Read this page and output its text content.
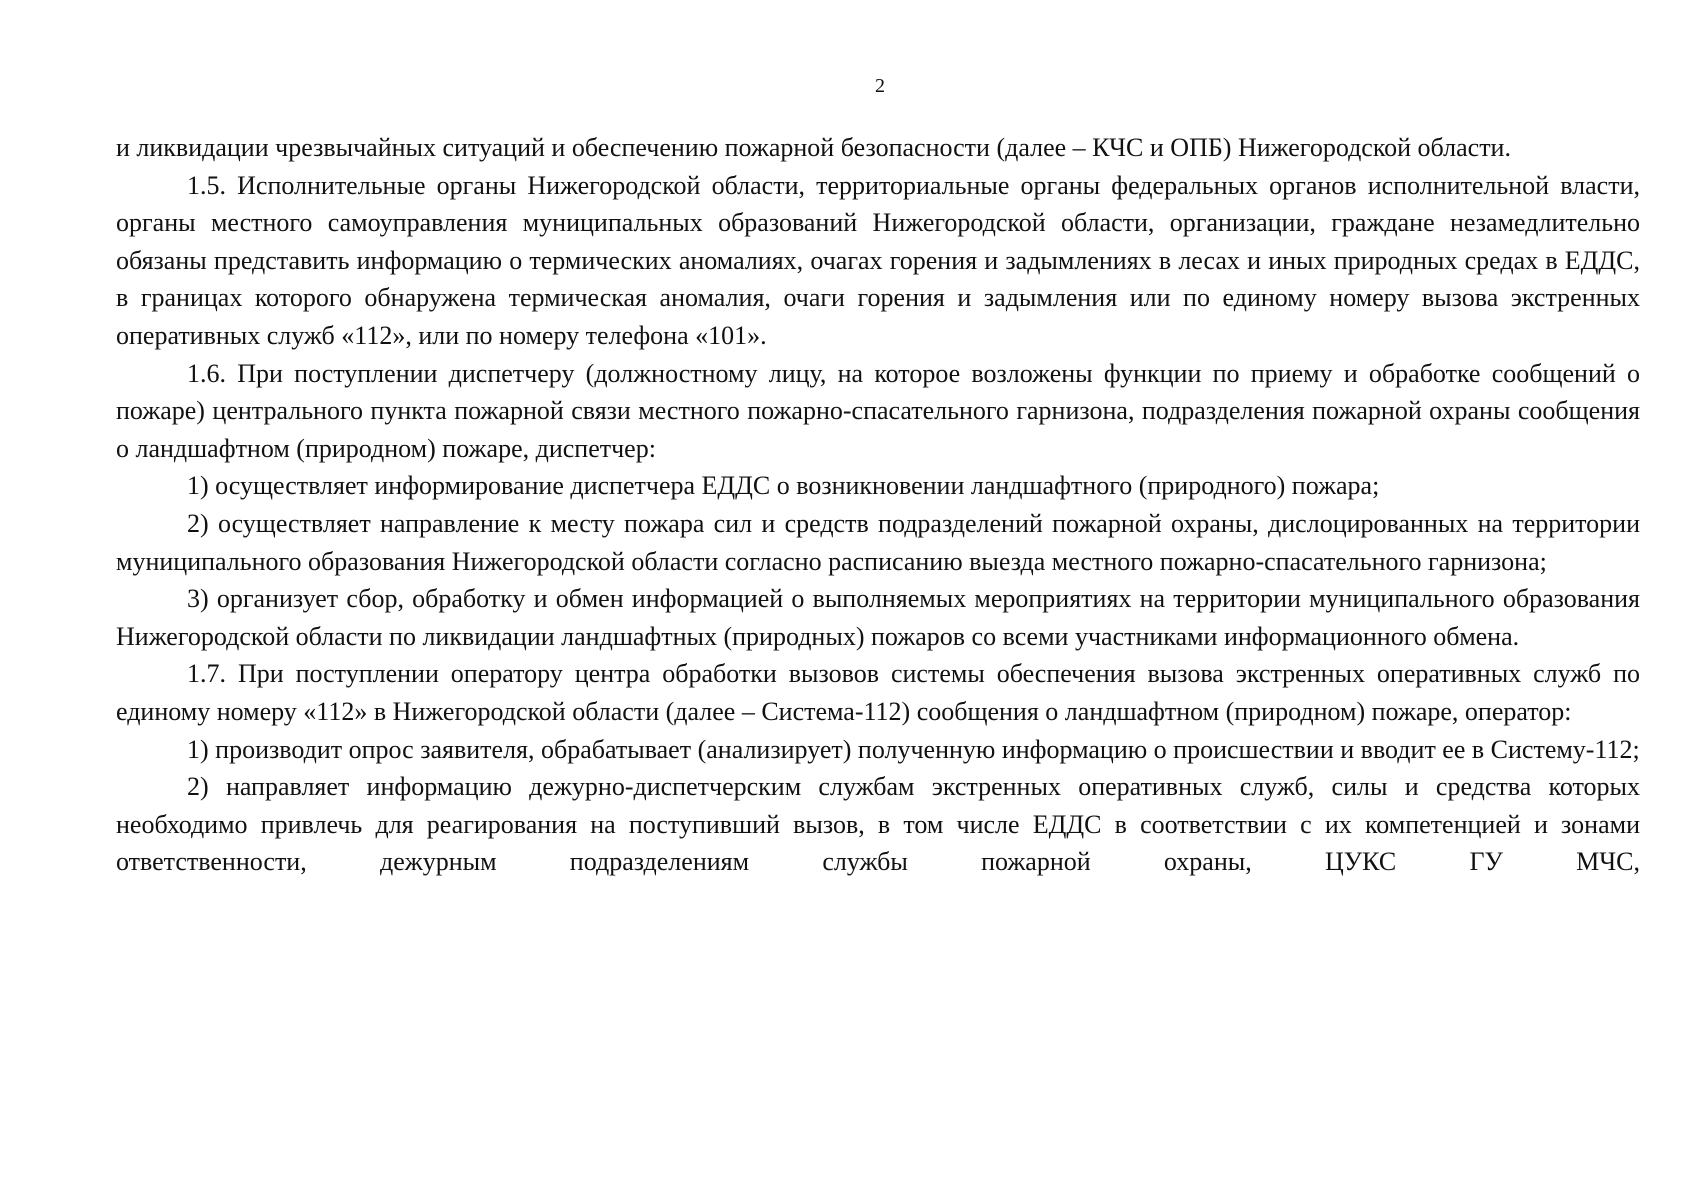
2

и ликвидации чрезвычайных ситуаций и обеспечению пожарной безопасности (далее – КЧС и ОПБ) Нижегородской области.

1.5. Исполнительные органы Нижегородской области, территориальные органы федеральных органов исполнительной власти, органы местного самоуправления муниципальных образований Нижегородской области, организации, граждане незамедлительно обязаны представить информацию о термических аномалиях, очагах горения и задымлениях в лесах и иных природных средах в ЕДДС, в границах которого обнаружена термическая аномалия, очаги горения и задымления или по единому номеру вызова экстренных оперативных служб «112», или по номеру телефона «101».

1.6. При поступлении диспетчеру (должностному лицу, на которое возложены функции по приему и обработке сообщений о пожаре) центрального пункта пожарной связи местного пожарно-спасательного гарнизона, подразделения пожарной охраны сообщения о ландшафтном (природном) пожаре, диспетчер:

1) осуществляет информирование диспетчера ЕДДС о возникновении ландшафтного (природного) пожара;

2) осуществляет направление к месту пожара сил и средств подразделений пожарной охраны, дислоцированных на территории муниципального образования Нижегородской области согласно расписанию выезда местного пожарно-спасательного гарнизона;

3) организует сбор, обработку и обмен информацией о выполняемых мероприятиях на территории муниципального образования Нижегородской области по ликвидации ландшафтных (природных) пожаров со всеми участниками информационного обмена.

1.7. При поступлении оператору центра обработки вызовов системы обеспечения вызова экстренных оперативных служб по единому номеру «112» в Нижегородской области (далее – Система-112) сообщения о ландшафтном (природном) пожаре, оператор:

1) производит опрос заявителя, обрабатывает (анализирует) полученную информацию о происшествии и вводит ее в Систему-112;

2) направляет информацию дежурно-диспетчерским службам экстренных оперативных служб, силы и средства которых необходимо привлечь для реагирования на поступивший вызов, в том числе ЕДДС в соответствии с их компетенцией и зонами ответственности, дежурным подразделениям службы пожарной охраны, ЦУКС ГУ МЧС,
